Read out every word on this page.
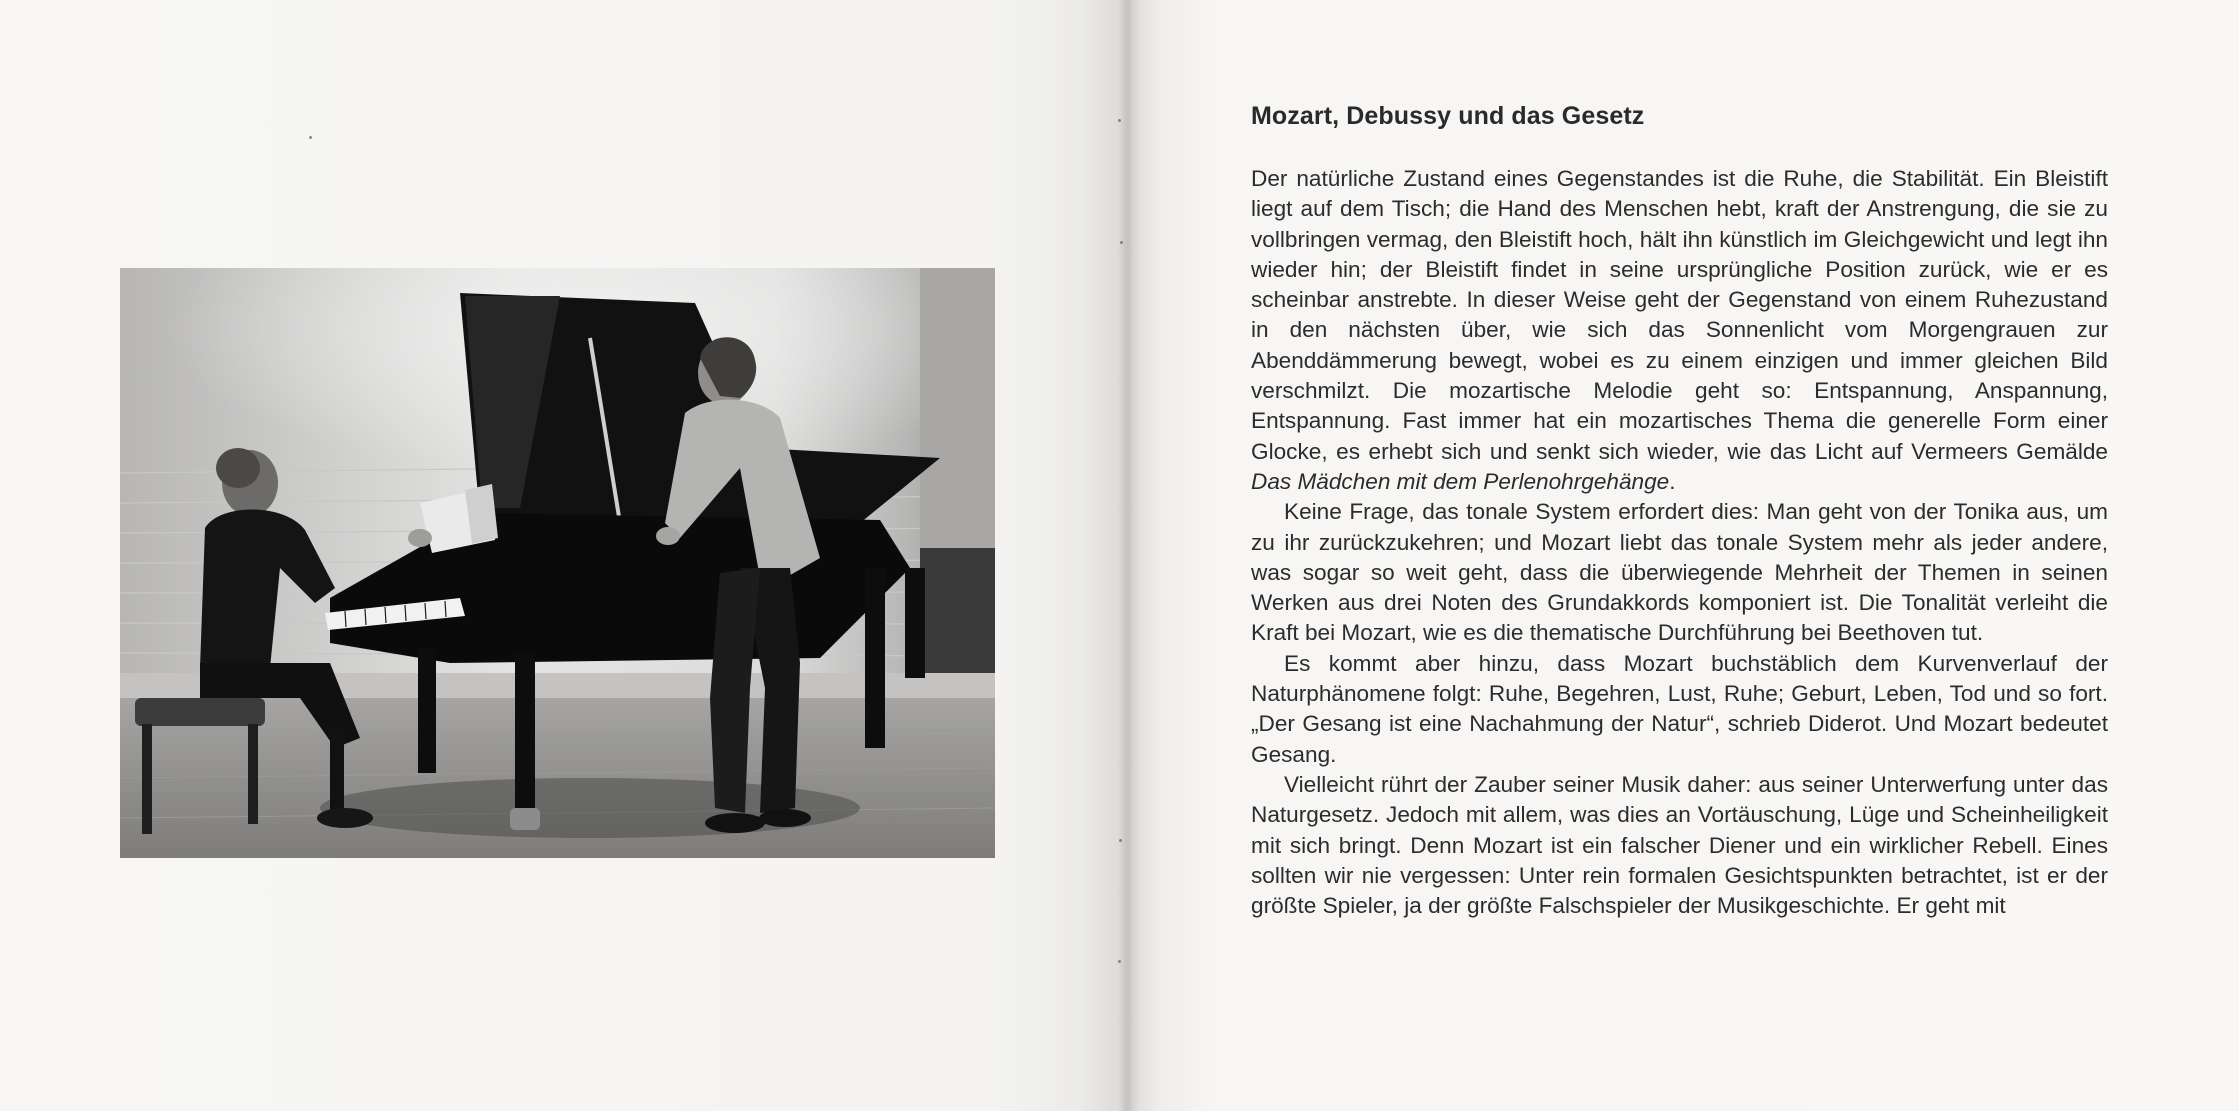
Mozart, Debussy und das Gesetz

Der natürliche Zustand eines Gegenstandes ist die Ruhe, die Stabilität. Ein Bleistift liegt auf dem Tisch; die Hand des Menschen hebt, kraft der Anstrengung, die sie zu vollbringen vermag, den Bleistift hoch, hält ihn künstlich im Gleichgewicht und legt ihn wieder hin; der Bleistift findet in seine ursprüngliche Position zurück, wie er es scheinbar anstrebte. In dieser Weise geht der Gegenstand von einem Ruhezustand in den nächsten über, wie sich das Sonnenlicht vom Morgengrauen zur Abenddämmerung bewegt, wobei es zu einem einzigen und immer gleichen Bild verschmilzt. Die mozartische Melodie geht so: Entspannung, Anspannung, Entspannung. Fast immer hat ein mozartisches Thema die generelle Form einer Glocke, es erhebt sich und senkt sich wieder, wie das Licht auf Vermeers Gemälde Das Mädchen mit dem Perlenohrgehänge.

Keine Frage, das tonale System erfordert dies: Man geht von der Tonika aus, um zu ihr zurückzukehren; und Mozart liebt das tonale System mehr als jeder andere, was sogar so weit geht, dass die überwiegende Mehrheit der Themen in seinen Werken aus drei Noten des Grundakkords komponiert ist. Die Tonalität verleiht die Kraft bei Mozart, wie es die thematische Durchführung bei Beethoven tut.

Es kommt aber hinzu, dass Mozart buchstäblich dem Kurvenverlauf der Naturphänomene folgt: Ruhe, Begehren, Lust, Ruhe; Geburt, Leben, Tod und so fort. „Der Gesang ist eine Nachahmung der Natur“, schrieb Diderot. Und Mozart bedeutet Gesang.

Vielleicht rührt der Zauber seiner Musik daher: aus seiner Unterwerfung unter das Naturgesetz. Jedoch mit allem, was dies an Vortäuschung, Lüge und Scheinheiligkeit mit sich bringt. Denn Mozart ist ein falscher Diener und ein wirklicher Rebell. Eines sollten wir nie vergessen: Unter rein formalen Gesichtspunkten betrachtet, ist er der größte Spieler, ja der größte Falschspieler der Musikgeschichte. Er geht mit
